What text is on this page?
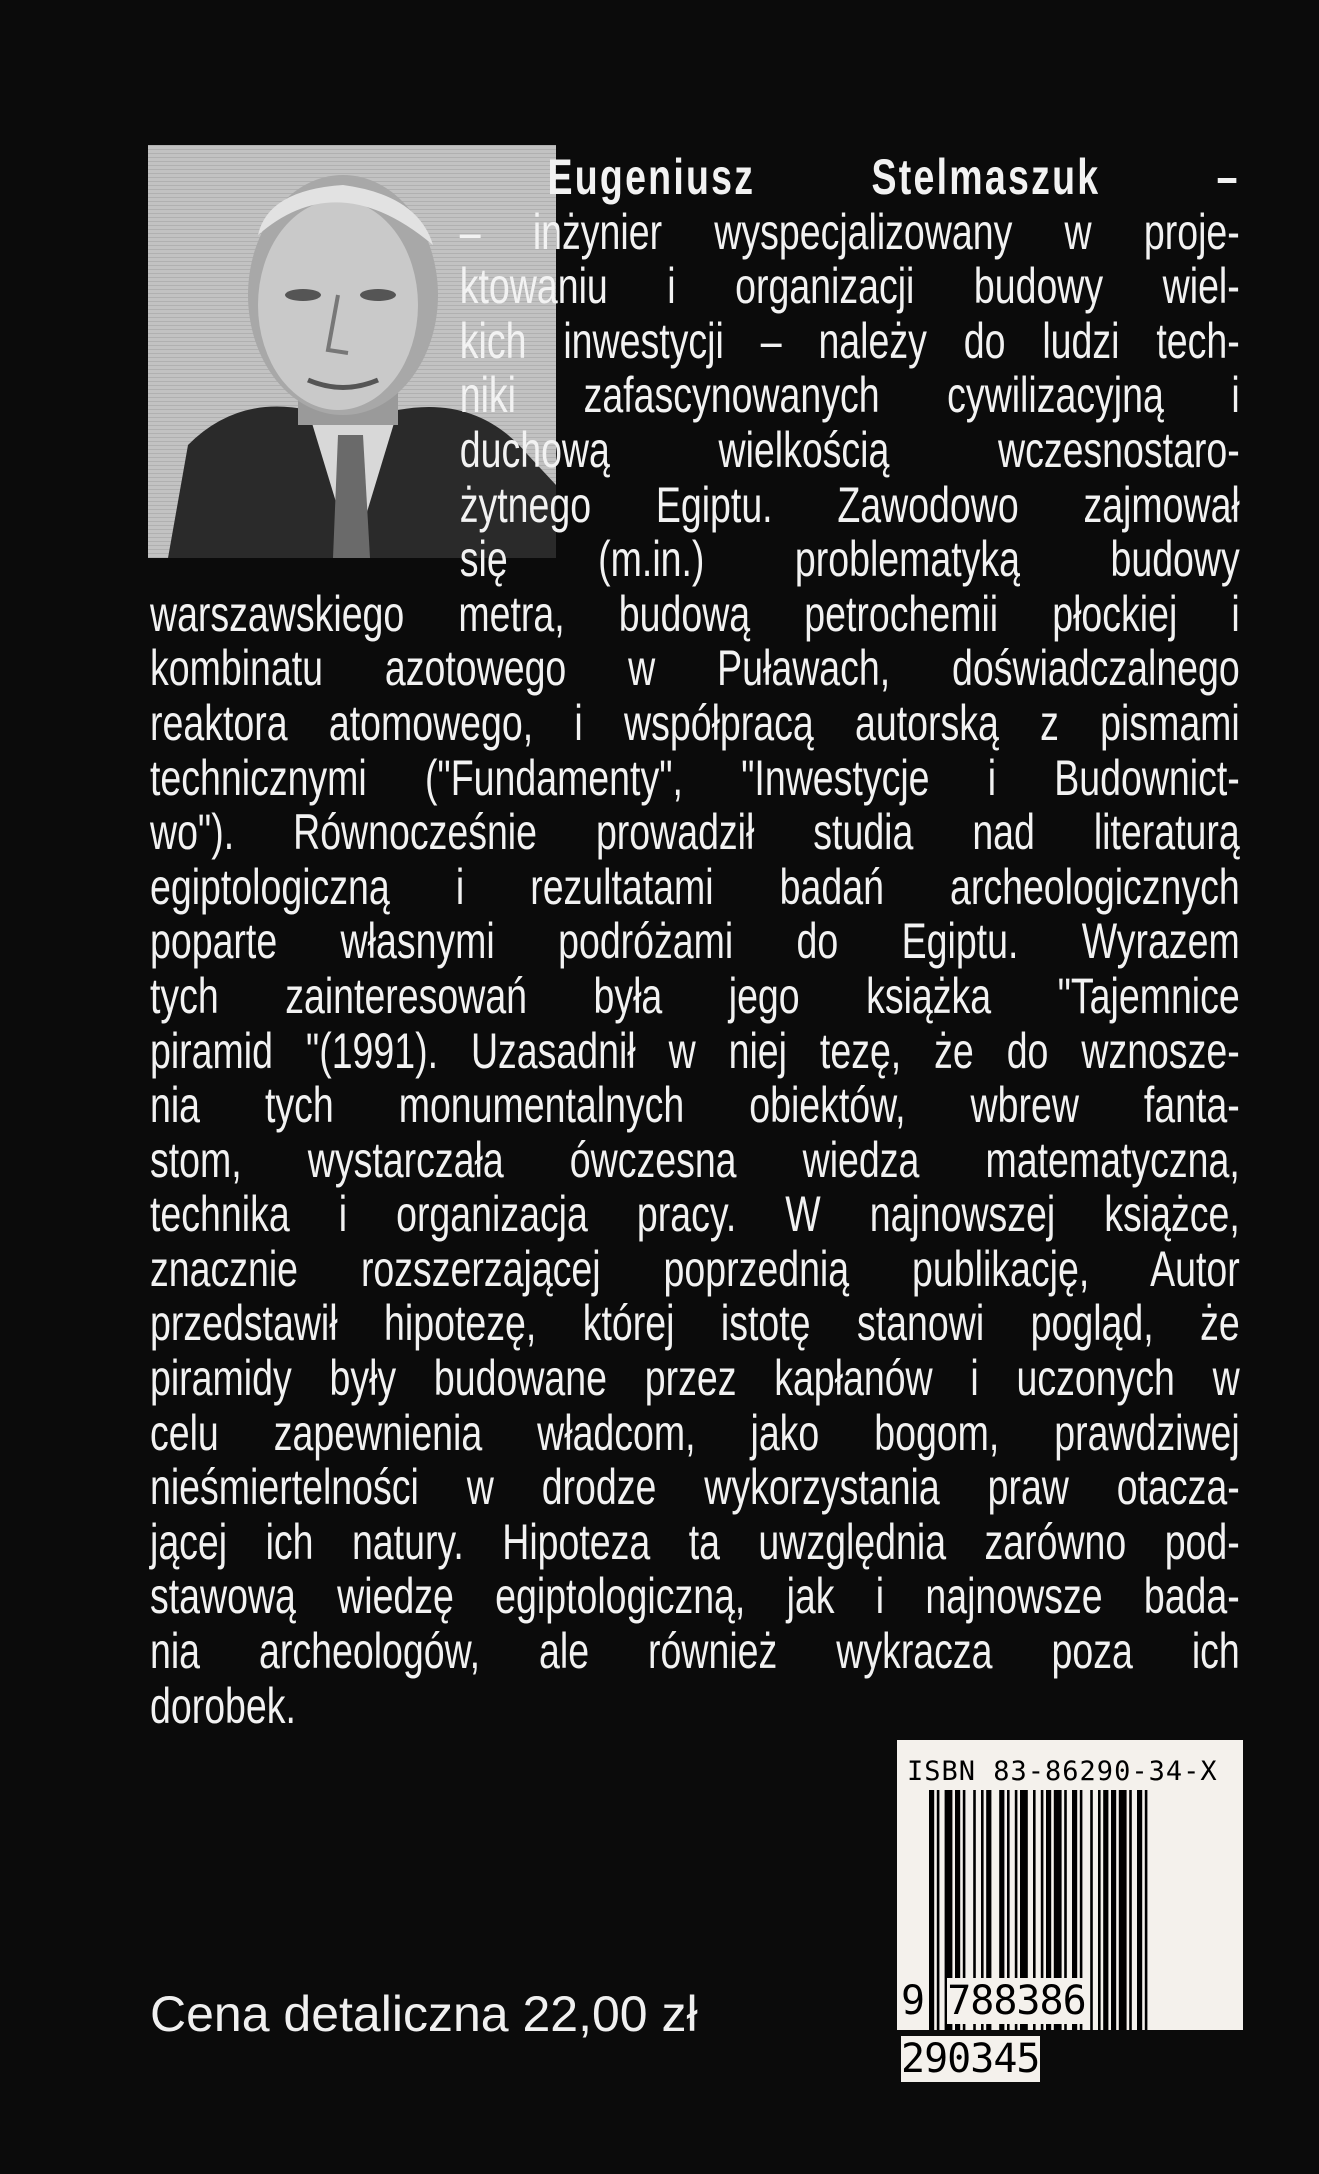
Eugeniusz Stelmaszuk –
– inżynier wyspecjalizowany w proje-
ktowaniu i organizacji budowy wiel-
kich inwestycji – należy do ludzi tech-
niki zafascynowanych cywilizacyjną i
duchową wielkością wczesnostaro-
żytnego Egiptu. Zawodowo zajmował
się (m.in.) problematyką budowy
warszawskiego metra, budową petrochemii płockiej i
kombinatu azotowego w Puławach, doświadczalnego
reaktora atomowego, i współpracą autorską z pismami
technicznymi ("Fundamenty", "Inwestycje i Budownict-
wo"). Równocześnie prowadził studia nad literaturą
egiptologiczną i rezultatami badań archeologicznych
poparte własnymi podróżami do Egiptu. Wyrazem
tych zainteresowań była jego książka "Tajemnice
piramid "(1991). Uzasadnił w niej tezę, że do wznosze-
nia tych monumentalnych obiektów, wbrew fanta-
stom, wystarczała ówczesna wiedza matematyczna,
technika i organizacja pracy. W najnowszej książce,
znacznie rozszerzającej poprzednią publikację, Autor
przedstawił hipotezę, której istotę stanowi pogląd, że
piramidy były budowane przez kapłanów i uczonych w
celu zapewnienia władcom, jako bogom, prawdziwej
nieśmiertelności w drodze wykorzystania praw otacza-
jącej ich natury. Hipoteza ta uwzględnia zarówno pod-
stawową wiedzę egiptologiczną, jak i najnowsze bada-
nia archeologów, ale również wykracza poza ich
dorobek.
ISBN 83-86290-34-X
9 788386 290345
Cena detaliczna 22,00 zł
